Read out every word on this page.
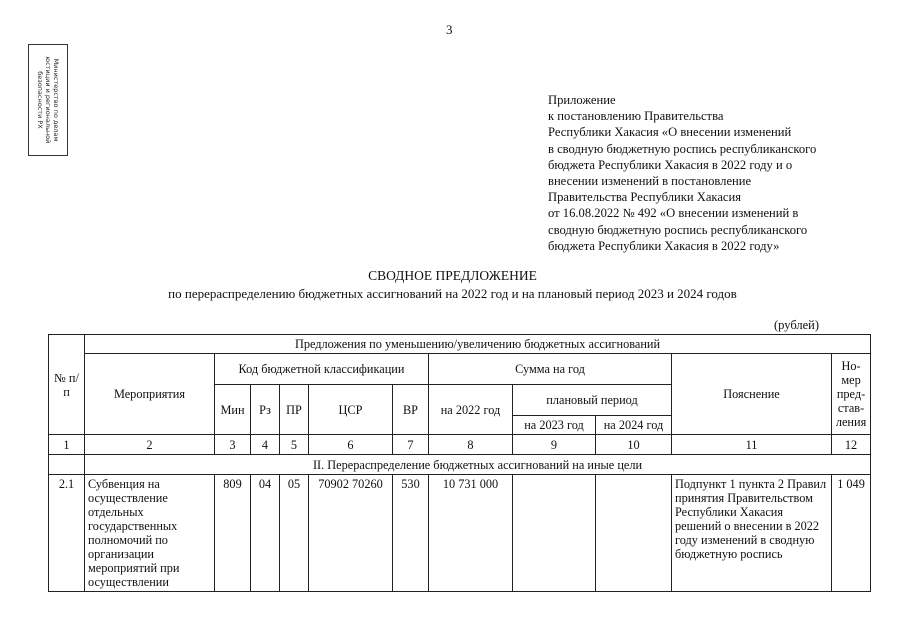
3
Министерство по делам
юстиции и региональной
безопасности РХ	Приложение
к постановлению Правительства
Республики Хакасия «О внесении изменений
в сводную бюджетную роспись республиканского
бюджета Республики Хакасия в 2022 году и о
внесении изменений в постановление
Правительства Республики Хакасия
от 16.08.2022 № 492 «О внесении изменений в
сводную бюджетную роспись республиканского
бюджета Республики Хакасия в 2022 году»
СВОДНОЕ ПРЕДЛОЖЕНИЕ
по перераспределению бюджетных ассигнований на 2022 год и на плановый период 2023 и 2024 годов
(рублей)
№ п/п	Предложения по уменьшению/увеличению бюджетных ассигнований										
	Мероприятия	Код бюджетной классификации					Сумма на год			Пояснение	Но-мер пред-став-ления
		Мин	Рз	ПР	ЦСР	ВР	на 2022 год	плановый период			
								на 2023 год	на 2024 год		
1	2	3	4	5	6	7	8	9	10	11	12
	II. Перераспределение бюджетных ассигнований на иные цели										
2.1	Субвенция на осуществление отдельных государственных полномочий по организации мероприятий при осуществлении	809	04	05	70902 70260	530	10 731 000			Подпункт 1 пункта 2 Правил принятия Правительством Республики Хакасия решений о внесении в 2022 году изменений в сводную бюджетную роспись	1 049
